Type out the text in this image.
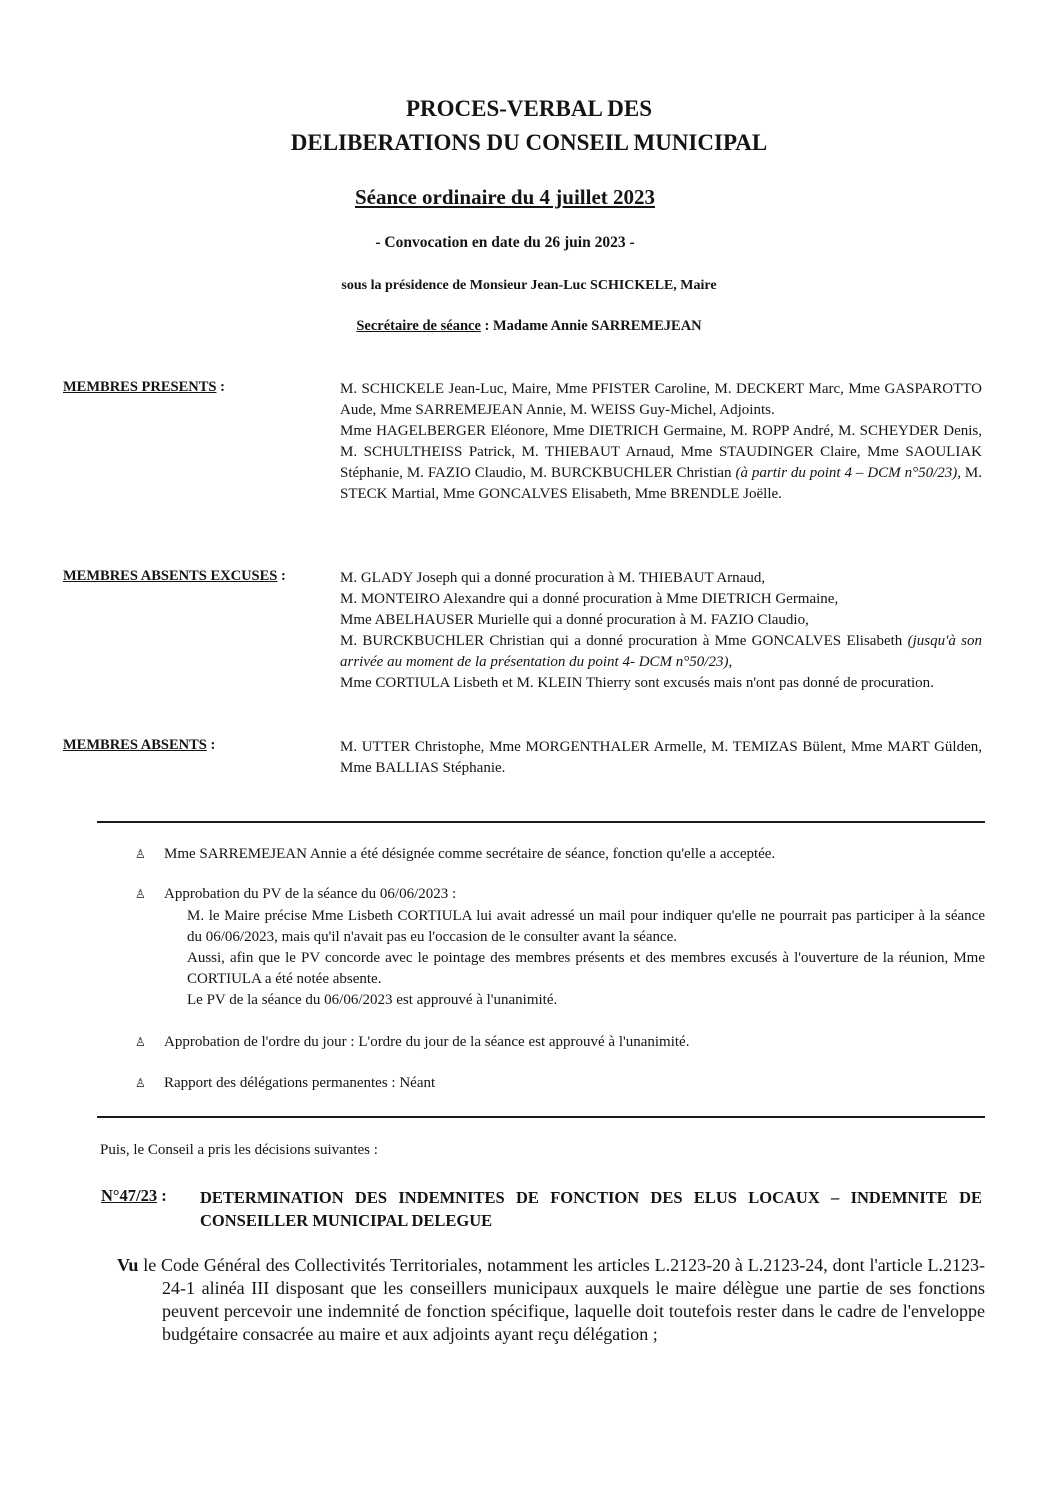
PROCES-VERBAL DES
DELIBERATIONS DU CONSEIL MUNICIPAL
Séance ordinaire du 4 juillet 2023
- Convocation en date du 26 juin 2023 -
sous la présidence de Monsieur Jean-Luc SCHICKELE, Maire
Secrétaire de séance : Madame Annie SARREMEJEAN
MEMBRES PRESENTS :	M. SCHICKELE Jean-Luc, Maire, Mme PFISTER Caroline, M. DECKERT Marc, Mme GASPAROTTO Aude, Mme SARREMEJEAN Annie, M. WEISS Guy-Michel, Adjoints.

Mme HAGELBERGER Eléonore, Mme DIETRICH Germaine, M. ROPP André, M. SCHEYDER Denis, M. SCHULTHEISS Patrick, M. THIEBAUT Arnaud, Mme STAUDINGER Claire, Mme SAOULIAK Stéphanie, M. FAZIO Claudio, M. BURCKBUCHLER Christian (à partir du point 4 – DCM n°50/23), M. STECK Martial, Mme GONCALVES Elisabeth, Mme BRENDLE Joëlle.

MEMBRES ABSENTS EXCUSES :	M. GLADY Joseph qui a donné procuration à M. THIEBAUT Arnaud,

M. MONTEIRO Alexandre qui a donné procuration à Mme DIETRICH Germaine,

Mme ABELHAUSER Murielle qui a donné procuration à M. FAZIO Claudio,

M. BURCKBUCHLER Christian qui a donné procuration à Mme GONCALVES Elisabeth (jusqu'à son arrivée au moment de la présentation du point 4- DCM n°50/23),

Mme CORTIULA Lisbeth et M. KLEIN Thierry sont excusés mais n'ont pas donné de procuration.

MEMBRES ABSENTS :	M. UTTER Christophe, Mme MORGENTHALER Armelle, M. TEMIZAS Bülent, Mme MART Gülden, Mme BALLIAS Stéphanie.
♙ Mme SARREMEJEAN Annie a été désignée comme secrétaire de séance, fonction qu'elle a acceptée.
♙ Approbation du PV de la séance du 06/06/2023 :

M. le Maire précise Mme Lisbeth CORTIULA lui avait adressé un mail pour indiquer qu'elle ne pourrait pas participer à la séance du 06/06/2023, mais qu'il n'avait pas eu l'occasion de le consulter avant la séance.

Aussi, afin que le PV concorde avec le pointage des membres présents et des membres excusés à l'ouverture de la réunion, Mme CORTIULA a été notée absente.

Le PV de la séance du 06/06/2023 est approuvé à l'unanimité.

♙ Approbation de l'ordre du jour : L'ordre du jour de la séance est approuvé à l'unanimité.
♙ Rapport des délégations permanentes : Néant
Puis, le Conseil a pris les décisions suivantes :
N°47/23 : DETERMINATION DES INDEMNITES DE FONCTION DES ELUS LOCAUX – INDEMNITE DE CONSEILLER MUNICIPAL DELEGUE
Vu le Code Général des Collectivités Territoriales, notamment les articles L.2123-20 à L.2123-24, dont l'article L.2123-24-1 alinéa III disposant que les conseillers municipaux auxquels le maire délègue une partie de ses fonctions peuvent percevoir une indemnité de fonction spécifique, laquelle doit toutefois rester dans le cadre de l'enveloppe budgétaire consacrée au maire et aux adjoints ayant reçu délégation ;
